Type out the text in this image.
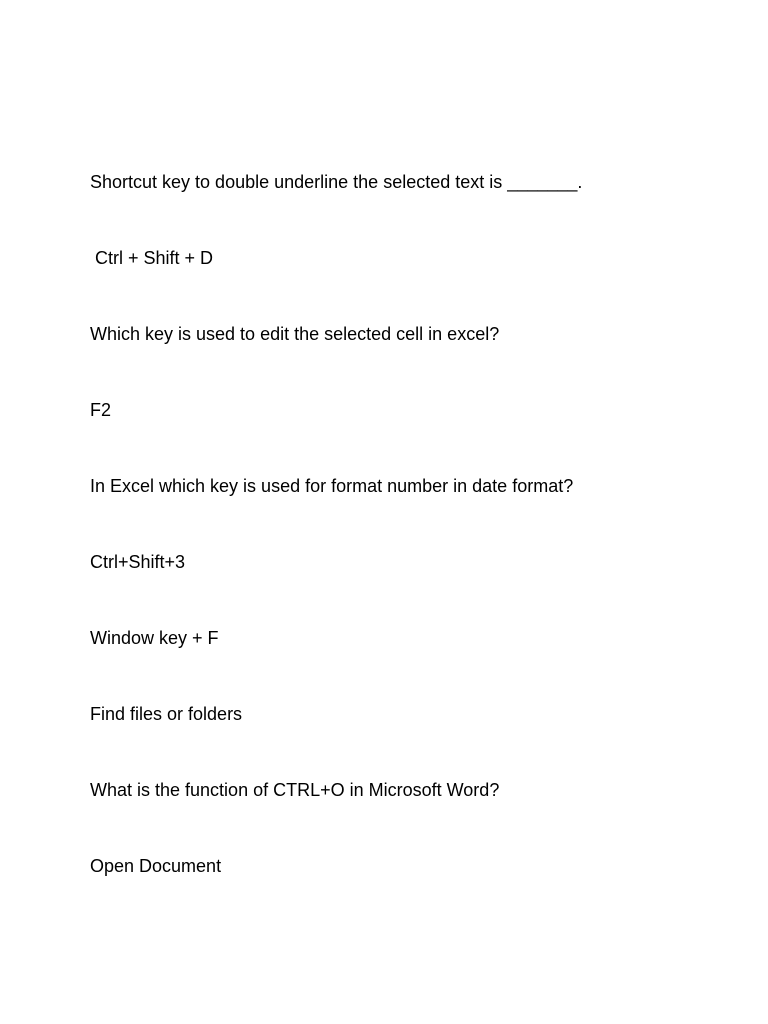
Shortcut key to double underline the selected text is _______.

Ctrl + Shift + D

Which key is used to edit the selected cell in excel?

F2

In Excel which key is used for format number in date format?

Ctrl+Shift+3

Window key + F

Find files or folders

What is the function of CTRL+O in Microsoft Word?

Open Document
